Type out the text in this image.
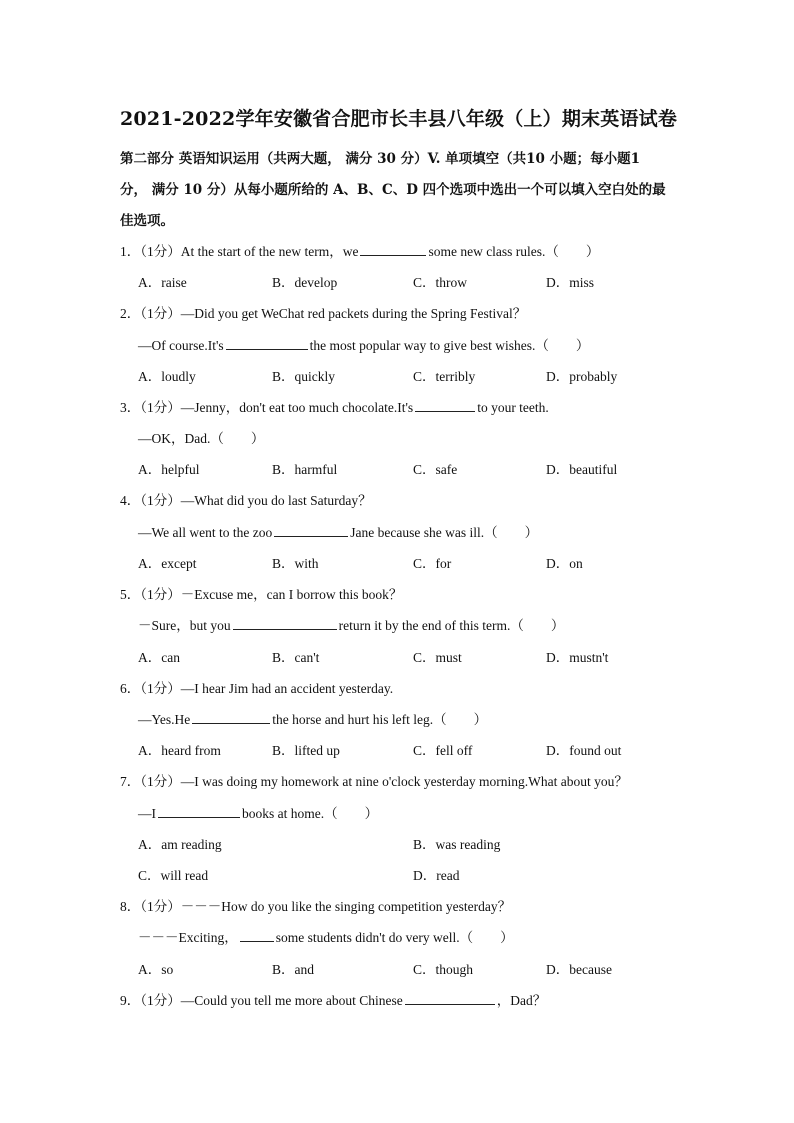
2021-2022学年安徽省合肥市长丰县八年级（上）期末英语试卷
第二部分 英语知识运用（共两大题， 满分 30 分）V. 单项填空（共10 小题；每小题1
分， 满分 10 分）从每小题所给的 A、B、C、D 四个选项中选出一个可以填入空白处的最
佳选项。
1．（1分）At the start of the new term，we	some new class rules.（　　）
A．raise	B．develop	C．throw	D．miss
2．（1分）—Did you get WeChat red packets during the Spring Festival？
—Of course.It's	the most popular way to give best wishes.（　　）
A．loudly	B．quickly	C．terribly	D．probably
3．（1分）—Jenny，don't eat too much chocolate.It's	to your teeth.
—OK，Dad.（　　）
A．helpful	B．harmful	C．safe	D．beautiful
4．（1分）—What did you do last Saturday？
—We all went to the zoo	Jane because she was ill.（　　）
A．except	B．with	C．for	D．on
5．（1分）－Excuse me，can I borrow this book？
－Sure，but you	return it by the end of this term.（　　）
A．can	B．can't	C．must	D．mustn't
6．（1分）—I hear Jim had an accident yesterday.
—Yes.He	the horse and hurt his left leg.（　　）
A．heard from	B．lifted up	C．fell off	D．found out
7．（1分）—I was doing my homework at nine o'clock yesterday morning.What about you？
—I	books at home.（　　）
A．am reading	B．was reading
C．will read	D．read
8．（1分）－－－How do you like the singing competition yesterday？
－－－Exciting，	some students didn't do very well.（　　）
A．so	B．and	C．though	D．because
9．（1分）—Could you tell me more about Chinese	，Dad？
